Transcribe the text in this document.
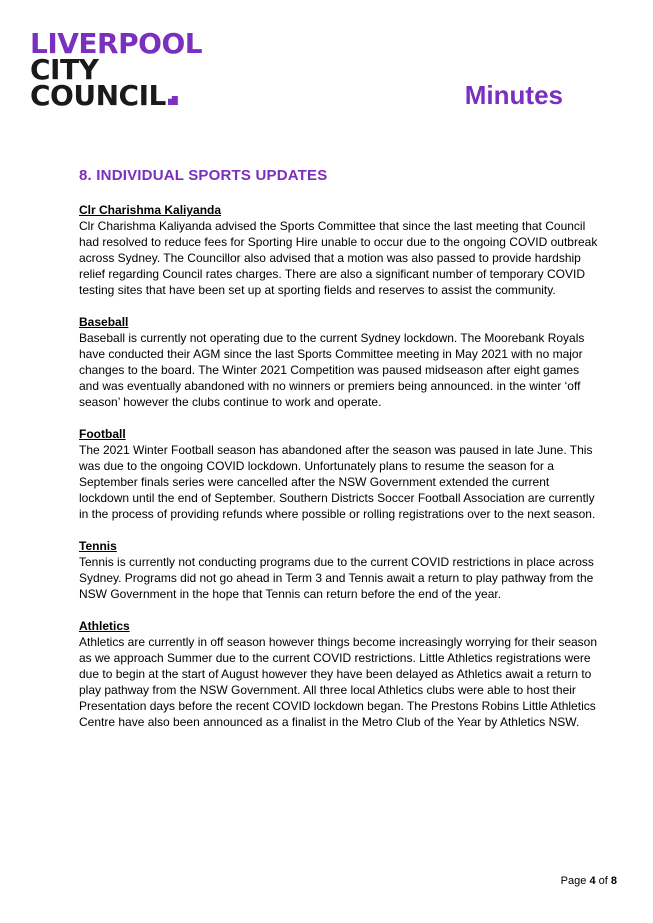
LIVERPOOL
CITY
COUNCIL	Minutes
8. INDIVIDUAL SPORTS UPDATES
Clr Charishma Kaliyanda

Clr Charishma Kaliyanda advised the Sports Committee that since the last meeting that Council had resolved to reduce fees for Sporting Hire unable to occur due to the ongoing COVID outbreak across Sydney. The Councillor also advised that a motion was also passed to provide hardship relief regarding Council rates charges. There are also a significant number of temporary COVID testing sites that have been set up at sporting fields and reserves to assist the community.

Baseball

Baseball is currently not operating due to the current Sydney lockdown. The Moorebank Royals have conducted their AGM since the last Sports Committee meeting in May 2021 with no major changes to the board. The Winter 2021 Competition was paused midseason after eight games and was eventually abandoned with no winners or premiers being announced. in the winter ‘off season’ however the clubs continue to work and operate.

Football

The 2021 Winter Football season has abandoned after the season was paused in late June. This was due to the ongoing COVID lockdown. Unfortunately plans to resume the season for a September finals series were cancelled after the NSW Government extended the current lockdown until the end of September. Southern Districts Soccer Football Association are currently in the process of providing refunds where possible or rolling registrations over to the next season.

Tennis

Tennis is currently not conducting programs due to the current COVID restrictions in place across Sydney. Programs did not go ahead in Term 3 and Tennis await a return to play pathway from the NSW Government in the hope that Tennis can return before the end of the year.

Athletics

Athletics are currently in off season however things become increasingly worrying for their season as we approach Summer due to the current COVID restrictions. Little Athletics registrations were due to begin at the start of August however they have been delayed as Athletics await a return to play pathway from the NSW Government. All three local Athletics clubs were able to host their Presentation days before the recent COVID lockdown began. The Prestons Robins Little Athletics Centre have also been announced as a finalist in the Metro Club of the Year by Athletics NSW.

Page 4 of 8
